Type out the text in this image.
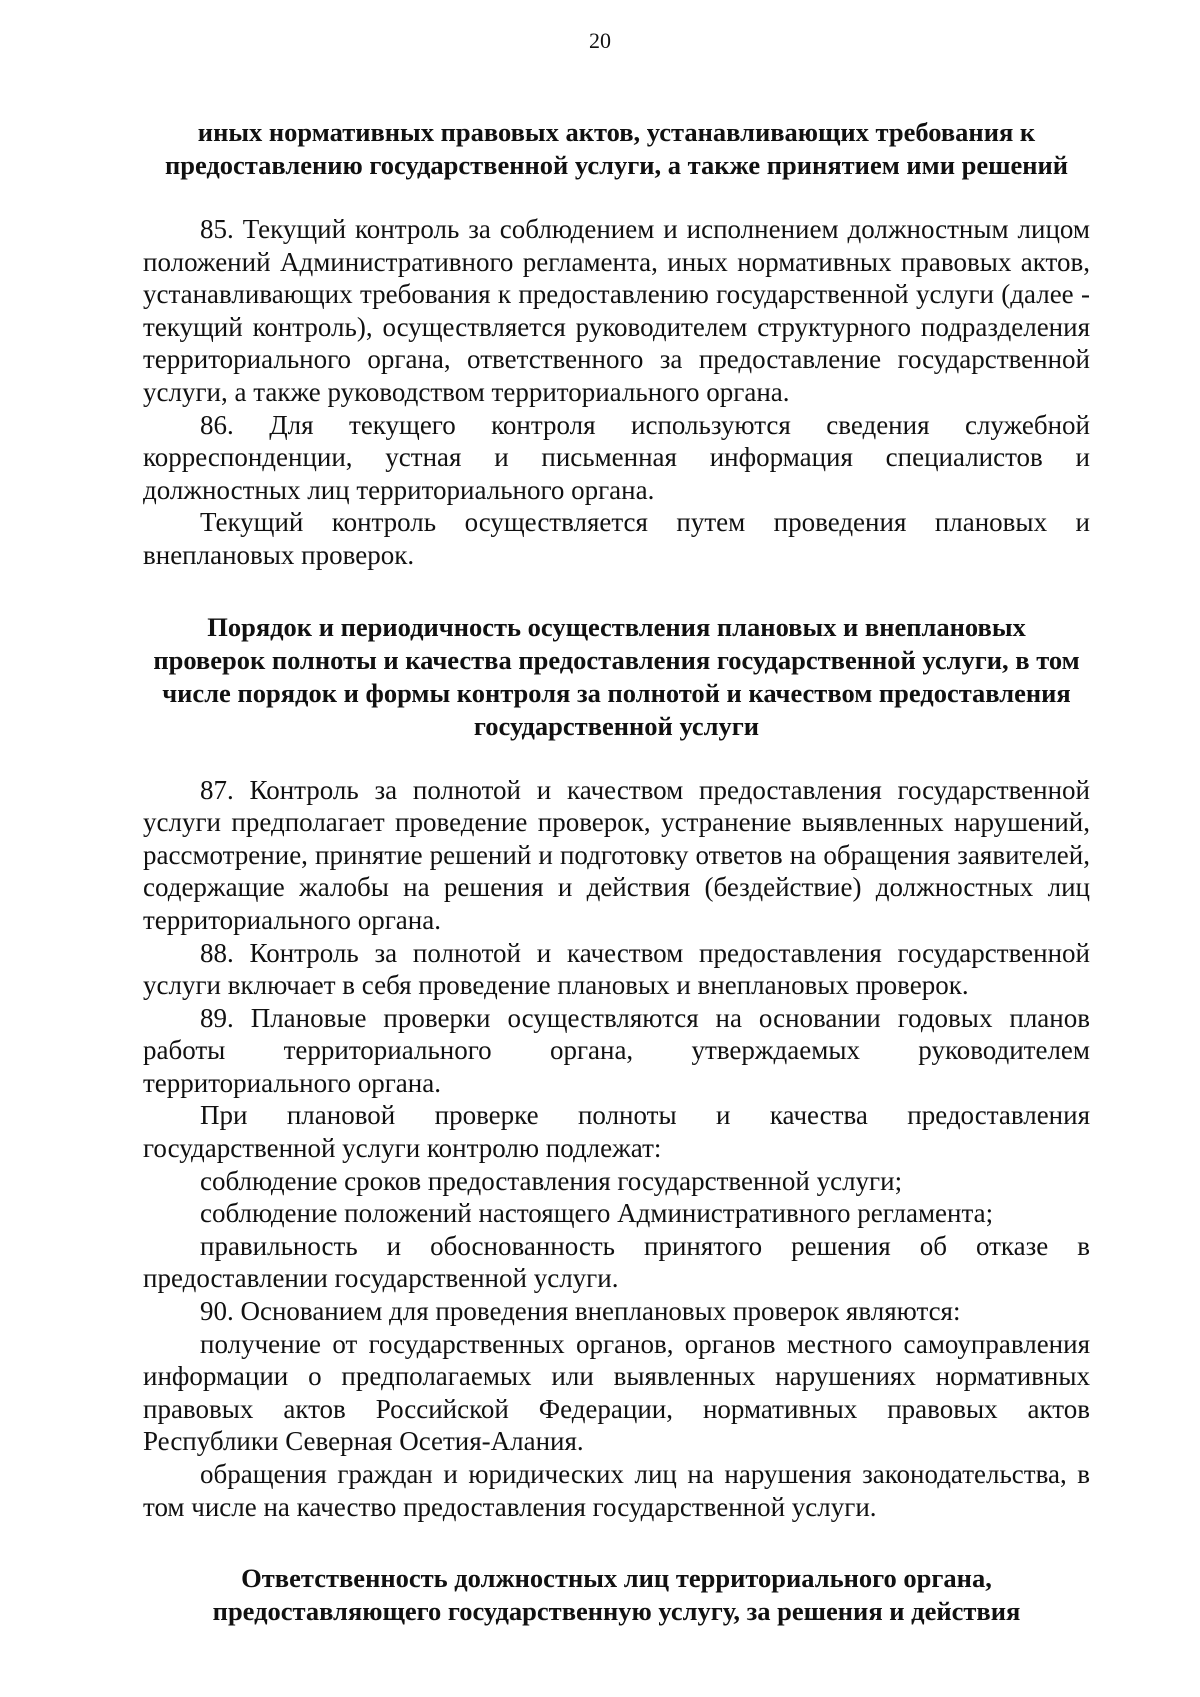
20
иных нормативных правовых актов, устанавливающих требования к
предоставлению государственной услуги, а также принятием ими решений

85. Текущий контроль за соблюдением и исполнением должностным лицом положений Административного регламента, иных нормативных правовых актов, устанавливающих требования к предоставлению государственной услуги (далее - текущий контроль), осуществляется руководителем структурного подразделения территориального органа, ответственного за предоставление государственной услуги, а также руководством территориального органа.

86. Для текущего контроля используются сведения служебной корреспонденции, устная и письменная информация специалистов и должностных лиц территориального органа.

Текущий контроль осуществляется путем проведения плановых и внеплановых проверок.

Порядок и периодичность осуществления плановых и внеплановых
проверок полноты и качества предоставления государственной услуги, в том
числе порядок и формы контроля за полнотой и качеством предоставления
государственной услуги

87. Контроль за полнотой и качеством предоставления государственной услуги предполагает проведение проверок, устранение выявленных нарушений, рассмотрение, принятие решений и подготовку ответов на обращения заявителей, содержащие жалобы на решения и действия (бездействие) должностных лиц территориального органа.

88. Контроль за полнотой и качеством предоставления государственной услуги включает в себя проведение плановых и внеплановых проверок.

89. Плановые проверки осуществляются на основании годовых планов работы территориального органа, утверждаемых руководителем территориального органа.

При плановой проверке полноты и качества предоставления государственной услуги контролю подлежат:

соблюдение сроков предоставления государственной услуги;

соблюдение положений настоящего Административного регламента;

правильность и обоснованность принятого решения об отказе в предоставлении государственной услуги.

90. Основанием для проведения внеплановых проверок являются:

получение от государственных органов, органов местного самоуправления информации о предполагаемых или выявленных нарушениях нормативных правовых актов Российской Федерации, нормативных правовых актов Республики Северная Осетия-Алания.

обращения граждан и юридических лиц на нарушения законодательства, в том числе на качество предоставления государственной услуги.

Ответственность должностных лиц территориального органа,
предоставляющего государственную услугу, за решения и действия
